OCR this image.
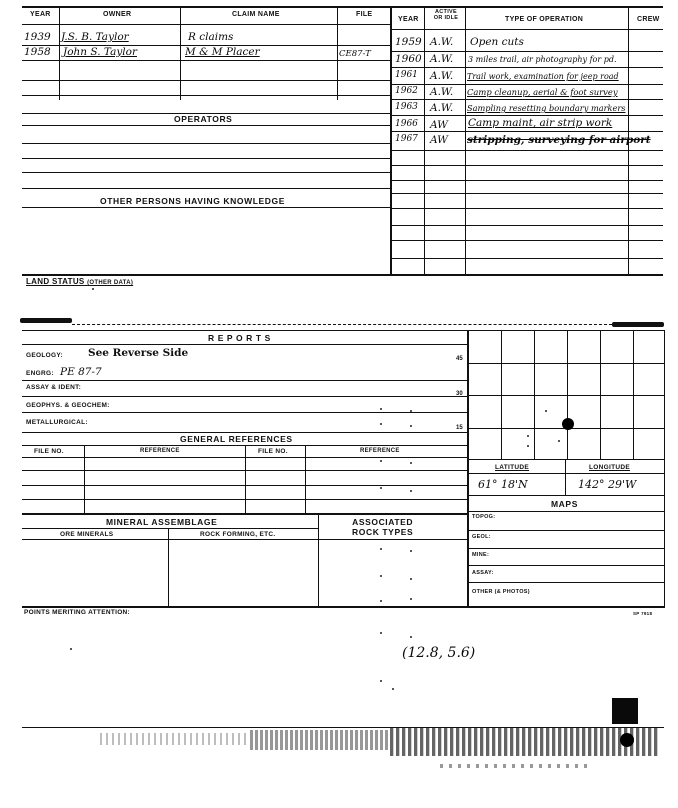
YEAR	OWNER	CLAIM NAME	FILE
1939 J.S. B. Taylor	R claims
1958 John S. Taylor	M & M Placer	CE87-T
OPERATORS
OTHER PERSONS HAVING KNOWLEDGE
LAND STATUS (OTHER DATA)
YEAR
ACTIVE OR IDLE	TYPE OF OPERATION	CREW
1959 A.W. Open cuts
1960 A.W. 3 miles trail, air photography for pd.
1961 A.W. Trail work, examination for jeep road
1962 A.W. Camp cleanup, aerial & foot survey
1963 A.W. Sampling resetting boundary markers
1966 AW Camp maint, air strip work
1967 AW stripping, surveying for airport
R E P O R T S
GEOLOGY: See Reverse Side
ENGRG: PE 87-7
ASSAY & IDENT:
GEOPHYS. & GEOCHEM:
METALLURGICAL:
45
30
15
GENERAL REFERENCES
FILE NO.	REFERENCE	FILE NO.	REFERENCE
MINERAL ASSEMBLAGE	ASSOCIATED
ROCK TYPES
ORE MINERALS	ROCK FORMING, ETC.
POINTS MERITING ATTENTION:	SP 7918
LATITUDE	LONGITUDE
61° 18'N	142° 29'W
MAPS
TOPOG:
GEOL:
MINE:
ASSAY:
OTHER (& PHOTOS)
(12.8, 5.6)
